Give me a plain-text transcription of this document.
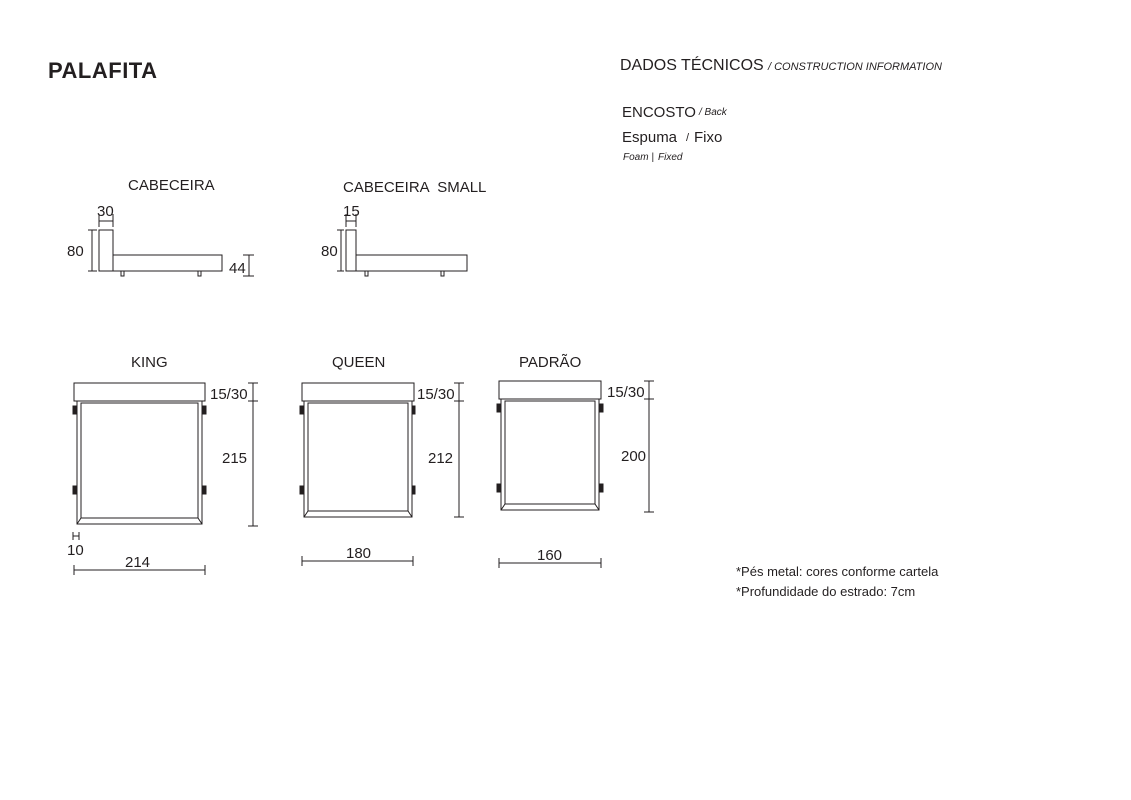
PALAFITA	DADOS TÉCNICOS / CONSTRUCTION INFORMATION
ENCOSTO / Back
Espuma / Fixo
Foam | Fixed
CABECEIRA
30
80
44
CABECEIRA  SMALL
15
80
KING
15/30
215
10
214
QUEEN
15/30
212
180
PADRÃO
15/30
200
160
*Pés metal: cores conforme cartela
*Profundidade do estrado: 7cm
